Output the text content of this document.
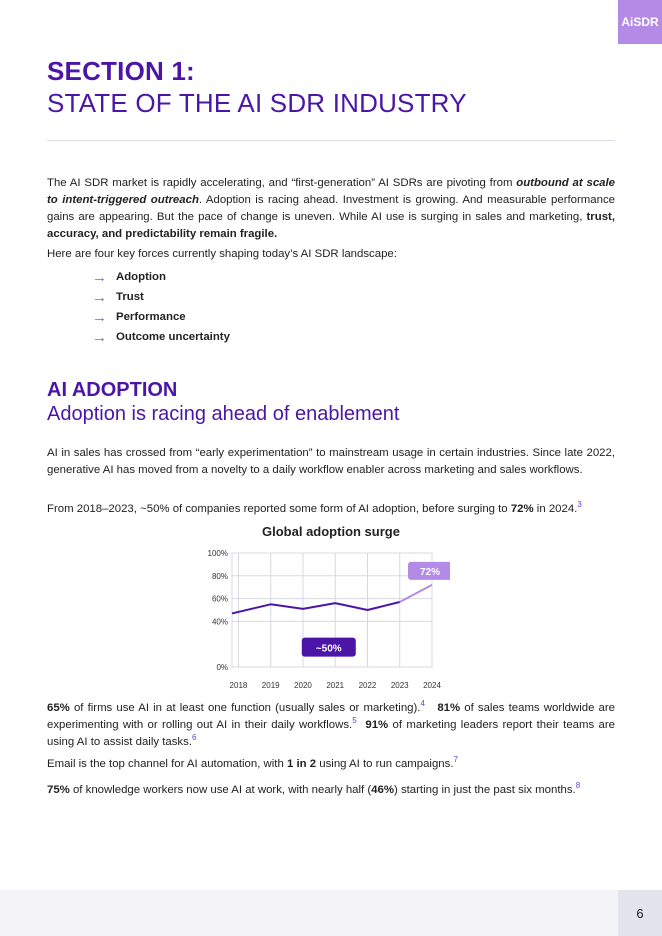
AiSDR
SECTION 1:
STATE OF THE AI SDR INDUSTRY

The AI SDR market is rapidly accelerating, and “first-generation” AI SDRs are pivoting from outbound at scale to intent-triggered outreach. Adoption is racing ahead. Investment is growing. And measurable performance gains are appearing. But the pace of change is uneven. While AI use is surging in sales and marketing, trust, accuracy, and predictability remain fragile.

Here are four key forces currently shaping today’s AI SDR landscape:

→ Adoption
→ Trust
→ Performance
→ Outcome uncertainty
AI ADOPTION
Adoption is racing ahead of enablement

AI in sales has crossed from “early experimentation” to mainstream usage in certain industries. Since late 2022, generative AI has moved from a novelty to a daily workflow enabler across marketing and sales workflows.

From 2018–2023, ~50% of companies reported some form of AI adoption, before surging to 72% in 2024.$^3$

Global adoption surge
0%
40%
60%
80%
100%
2018 2019 2020 2021 2022 2023 2024
~50%
72%

65% of firms use AI in at least one function (usually sales or marketing).$^4$ 81% of sales teams worldwide are experimenting with or rolling out AI in their daily workflows.$^5$ 91% of marketing leaders report their teams are using AI to assist daily tasks.$^6$

Email is the top channel for AI automation, with 1 in 2 using AI to run campaigns.$^7$

75% of knowledge workers now use AI at work, with nearly half (46%) starting in just the past six months.$^8$

6
